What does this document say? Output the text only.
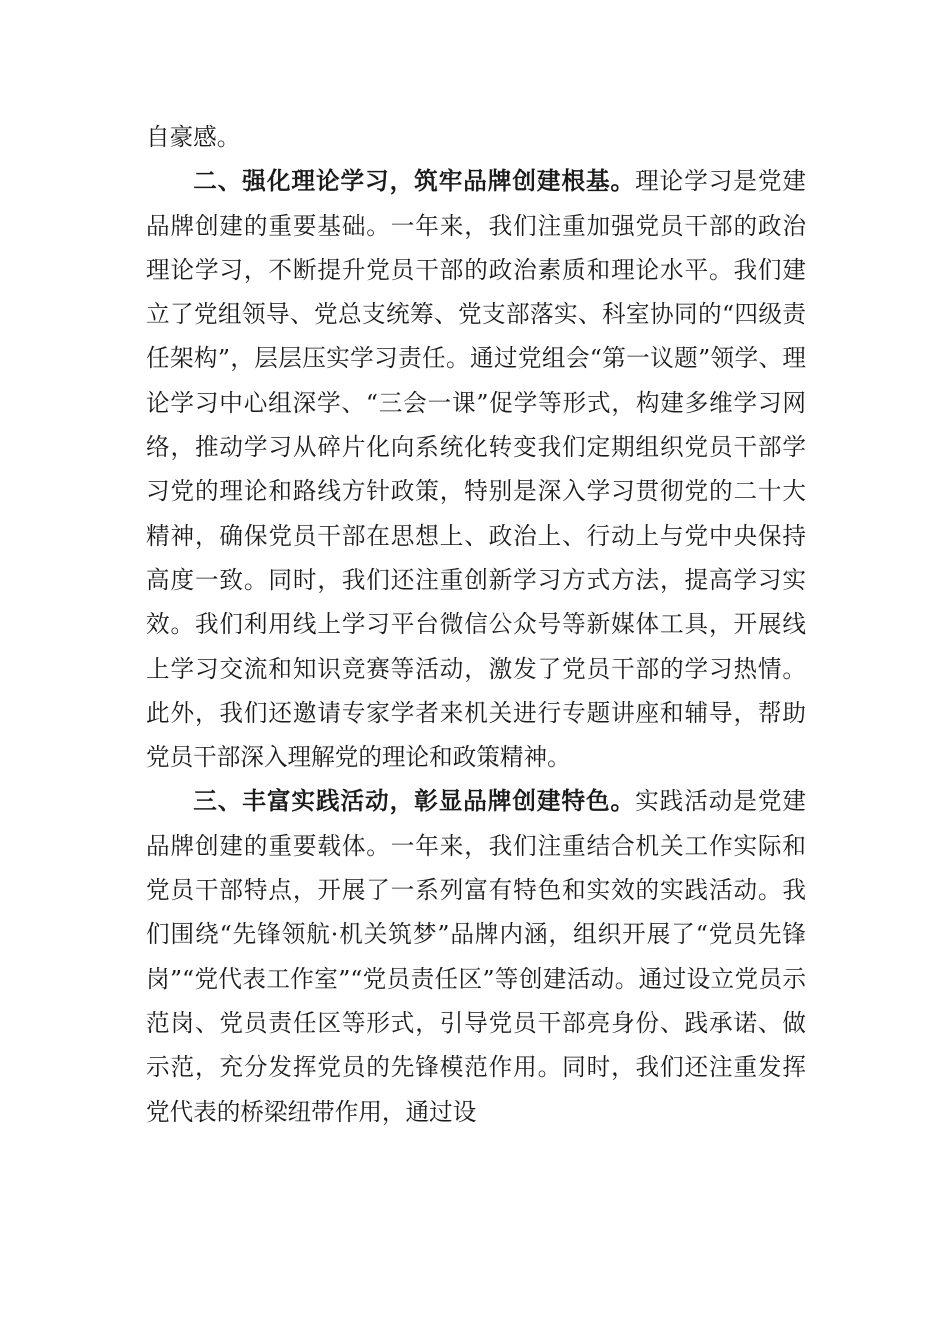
自豪感。

二、强化理论学习，筑牢品牌创建根基。理论学习是党建品牌创建的重要基础。一年来，我们注重加强党员干部的政治理论学习，不断提升党员干部的政治素质和理论水平。我们建立了党组领导、党总支统筹、党支部落实、科室协同的“四级责任架构”，层层压实学习责任。通过党组会“第一议题”领学、理论学习中心组深学、“三会一课”促学等形式，构建多维学习网络，推动学习从碎片化向系统化转变我们定期组织党员干部学习党的理论和路线方针政策，特别是深入学习贯彻党的二十大精神，确保党员干部在思想上、政治上、行动上与党中央保持高度一致。同时，我们还注重创新学习方式方法，提高学习实效。我们利用线上学习平台微信公众号等新媒体工具，开展线上学习交流和知识竞赛等活动，激发了党员干部的学习热情。此外，我们还邀请专家学者来机关进行专题讲座和辅导，帮助党员干部深入理解党的理论和政策精神。

三、丰富实践活动，彰显品牌创建特色。实践活动是党建品牌创建的重要载体。一年来，我们注重结合机关工作实际和党员干部特点，开展了一系列富有特色和实效的实践活动。我们围绕“先锋领航·机关筑梦”品牌内涵，组织开展了“党员先锋岗”“党代表工作室”“党员责任区”等创建活动。通过设立党员示范岗、党员责任区等形式，引导党员干部亮身份、践承诺、做示范，充分发挥党员的先锋模范作用。同时，我们还注重发挥党代表的桥梁纽带作用，通过设
